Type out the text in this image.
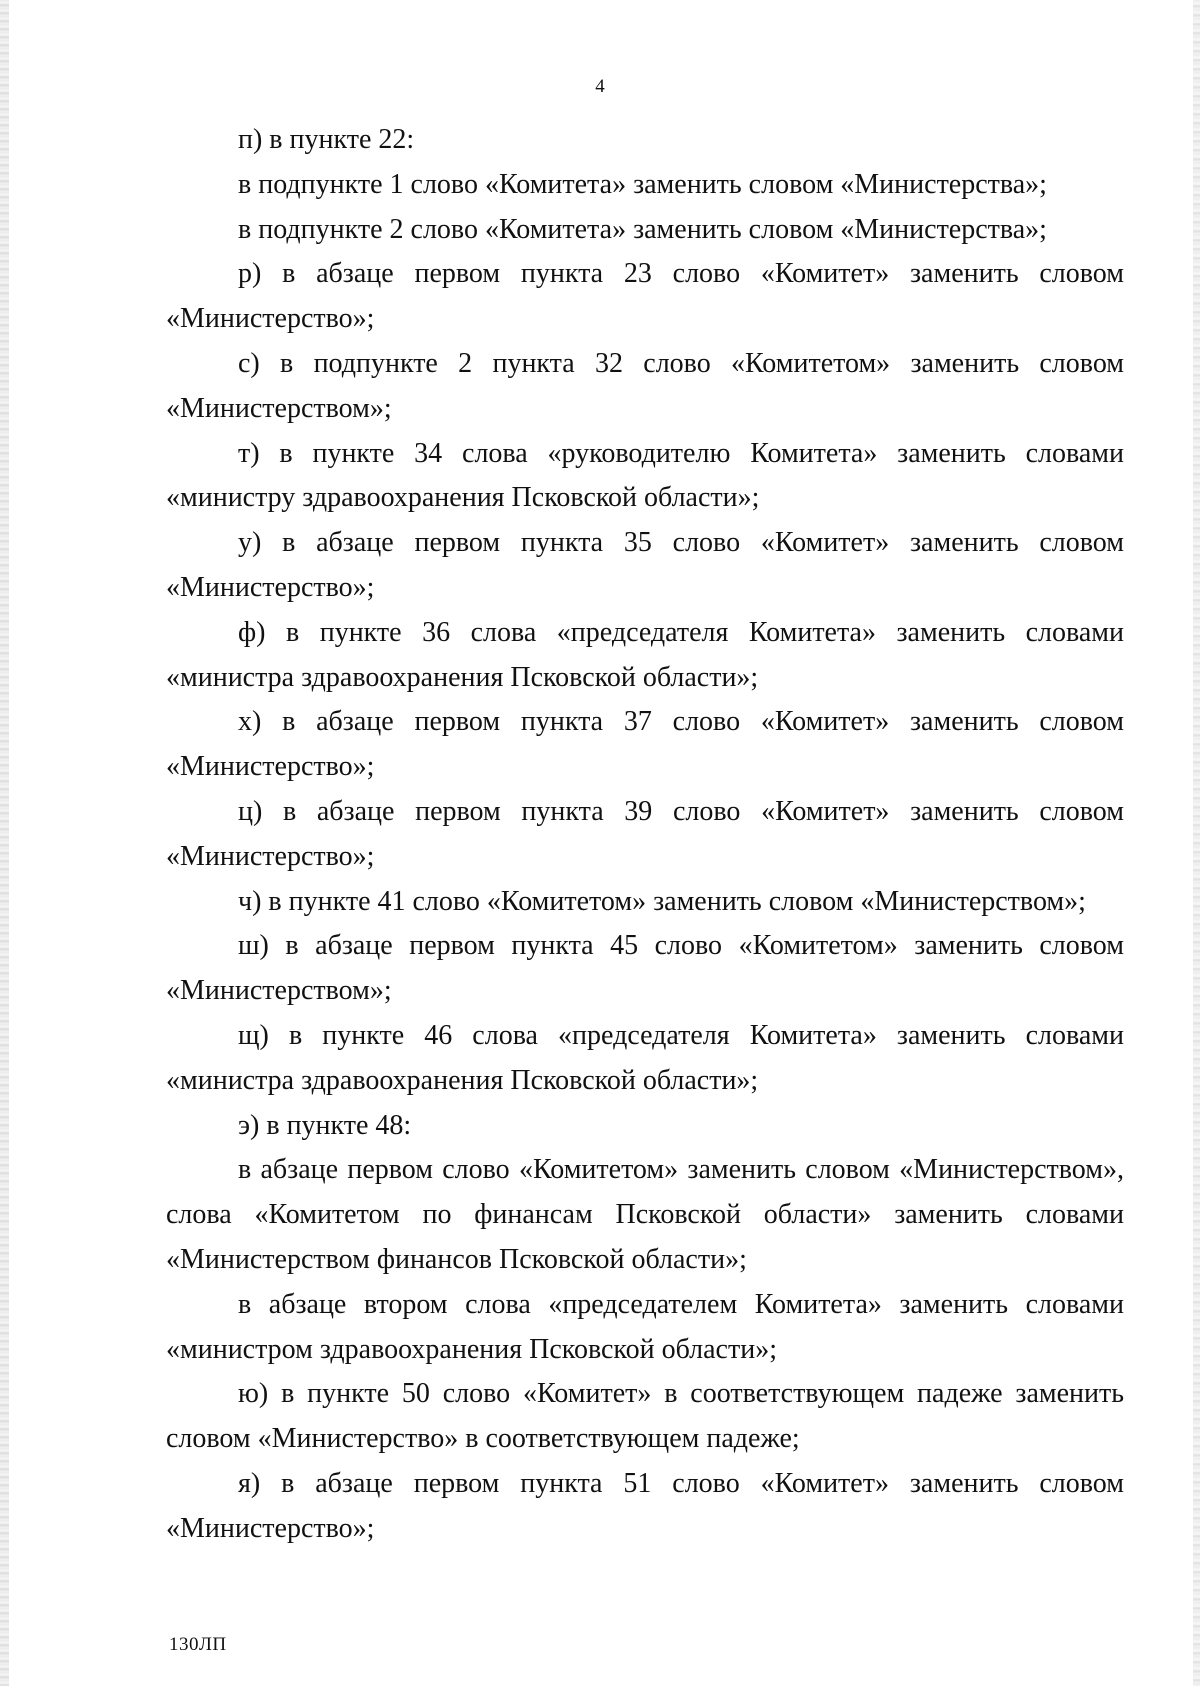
4

п) в пункте 22:

в подпункте 1 слово «Комитета» заменить словом «Министерства»;

в подпункте 2 слово «Комитета» заменить словом «Министерства»;

р) в абзаце первом пункта 23 слово «Комитет» заменить словом «Министерство»;

с) в подпункте 2 пункта 32 слово «Комитетом» заменить словом «Министерством»;

т) в пункте 34 слова «руководителю Комитета» заменить словами «министру здравоохранения Псковской области»;

у) в абзаце первом пункта 35 слово «Комитет» заменить словом «Министерство»;

ф) в пункте 36 слова «председателя Комитета» заменить словами «министра здравоохранения Псковской области»;

х) в абзаце первом пункта 37 слово «Комитет» заменить словом «Министерство»;

ц) в абзаце первом пункта 39 слово «Комитет» заменить словом «Министерство»;

ч) в пункте 41 слово «Комитетом» заменить словом «Министерством»;

ш) в абзаце первом пункта 45 слово «Комитетом» заменить словом «Министерством»;

щ) в пункте 46 слова «председателя Комитета» заменить словами «министра здравоохранения Псковской области»;

э) в пункте 48:

в абзаце первом слово «Комитетом» заменить словом «Министерством», слова «Комитетом по финансам Псковской области» заменить словами «Министерством финансов Псковской области»;

в абзаце втором слова «председателем Комитета» заменить словами «министром здравоохранения Псковской области»;

ю) в пункте 50 слово «Комитет» в соответствующем падеже заменить словом «Министерство» в соответствующем падеже;

я) в абзаце первом пункта 51 слово «Комитет» заменить словом «Министерство»;

130ЛП
